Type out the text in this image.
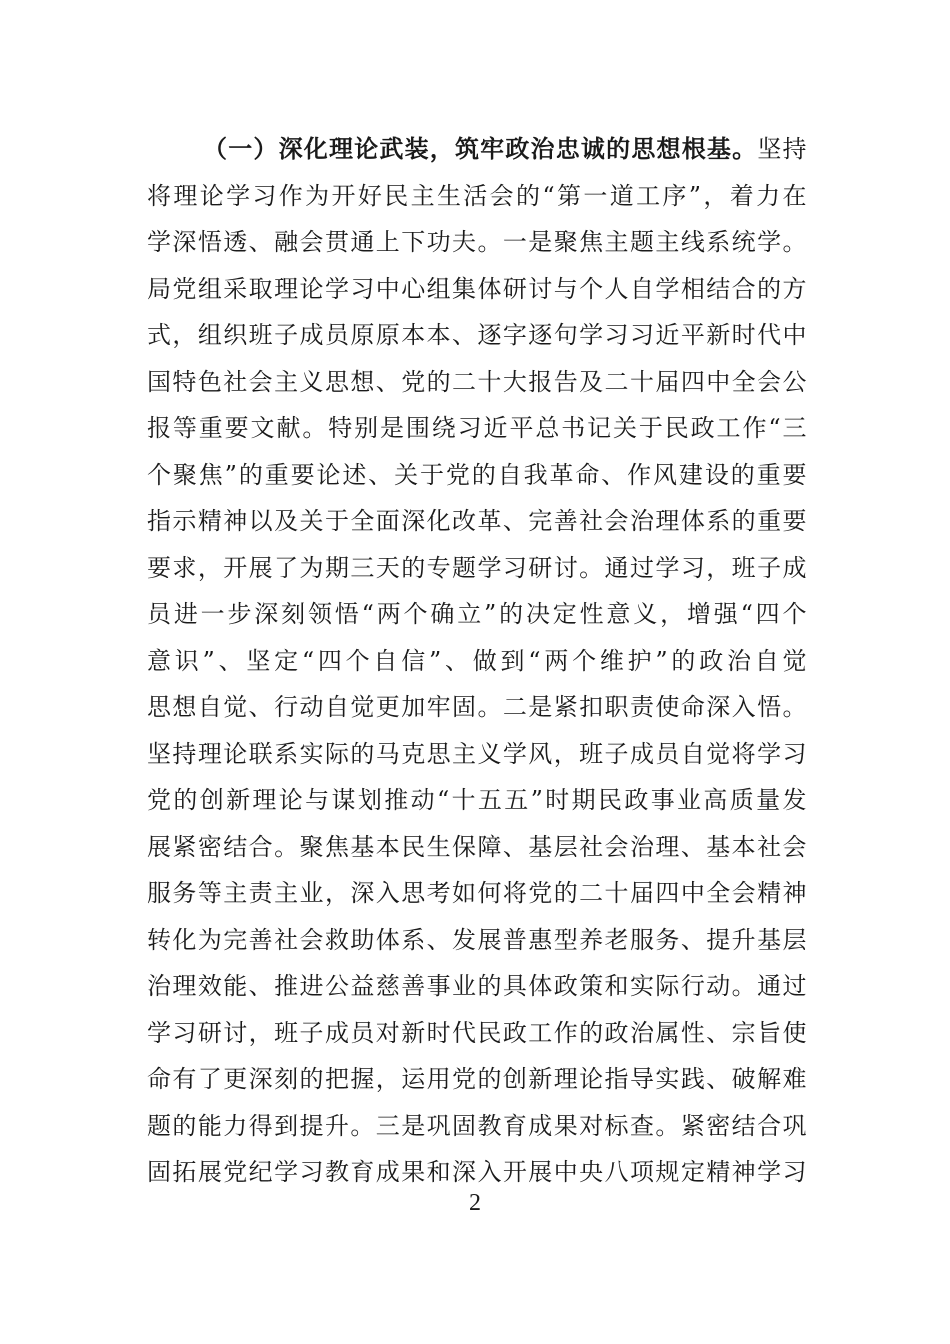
（一）深化理论武装，筑牢政治忠诚的思想根基。坚持
将理论学习作为开好民主生活会的“第一道工序”，着力在
学深悟透、融会贯通上下功夫。一是聚焦主题主线系统学。
局党组采取理论学习中心组集体研讨与个人自学相结合的方
式，组织班子成员原原本本、逐字逐句学习习近平新时代中
国特色社会主义思想、党的二十大报告及二十届四中全会公
报等重要文献。特别是围绕习近平总书记关于民政工作“三
个聚焦”的重要论述、关于党的自我革命、作风建设的重要
指示精神以及关于全面深化改革、完善社会治理体系的重要
要求，开展了为期三天的专题学习研讨。通过学习，班子成
员进一步深刻领悟“两个确立”的决定性意义，增强“四个
意识”、坚定“四个自信”、做到“两个维护”的政治自觉
思想自觉、行动自觉更加牢固。二是紧扣职责使命深入悟。
坚持理论联系实际的马克思主义学风，班子成员自觉将学习
党的创新理论与谋划推动“十五五”时期民政事业高质量发
展紧密结合。聚焦基本民生保障、基层社会治理、基本社会
服务等主责主业，深入思考如何将党的二十届四中全会精神
转化为完善社会救助体系、发展普惠型养老服务、提升基层
治理效能、推进公益慈善事业的具体政策和实际行动。通过
学习研讨，班子成员对新时代民政工作的政治属性、宗旨使
命有了更深刻的把握，运用党的创新理论指导实践、破解难
题的能力得到提升。三是巩固教育成果对标查。紧密结合巩
固拓展党纪学习教育成果和深入开展中央八项规定精神学习
2
